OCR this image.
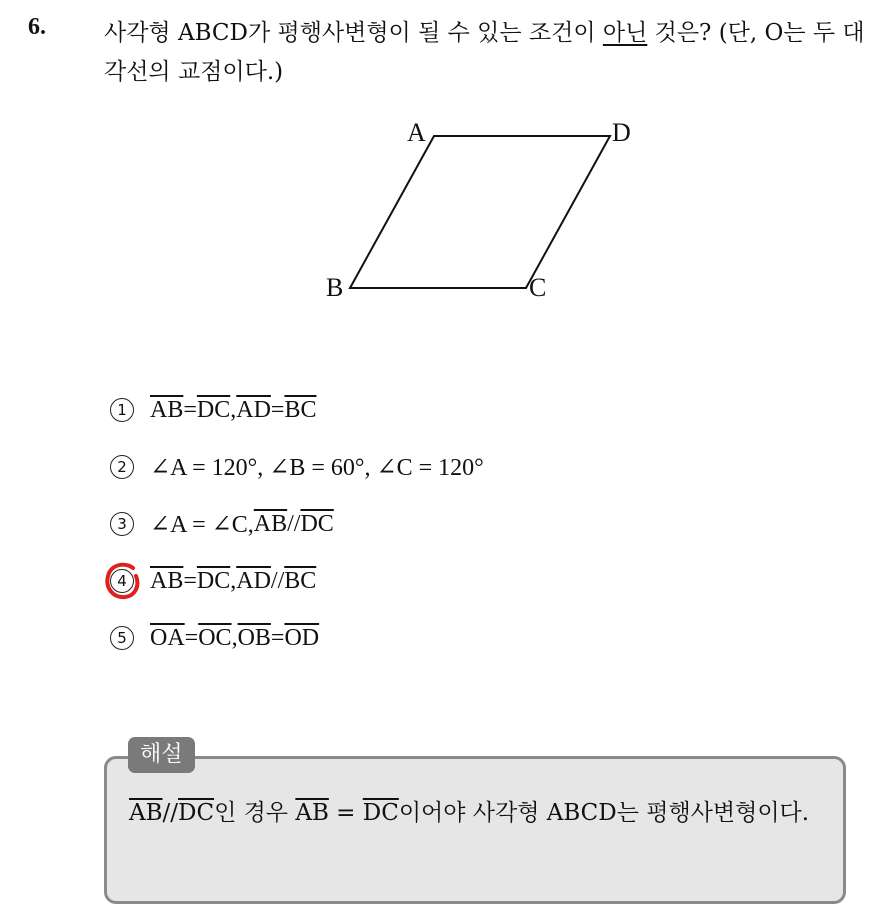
6.	사각형 ABCD가 평행사변형이 될 수 있는 조건이 아닌 것은? (단, O는 두 대각선의 교점이다.)
A	D
B	C
1 $\overline{AB} = \overline{DC}$ , $\overline{AD} = \overline{BC}$
2 ∠A = 120°, ∠B = 60°, ∠C = 120°
3 ∠A = ∠C, $\overline{AB} // \overline{DC}$
4 $\overline{AB} = \overline{DC}$ , $\overline{AD} // \overline{BC}$
5 $\overline{OA} = \overline{OC}$ , $\overline{OB} = \overline{OD}$
$\overline{AB}//\overline{DC}$인 경우 $\overline{AB} = \overline{DC}$이어야 사각형 ABCD는 평행사변형이다.
해설
